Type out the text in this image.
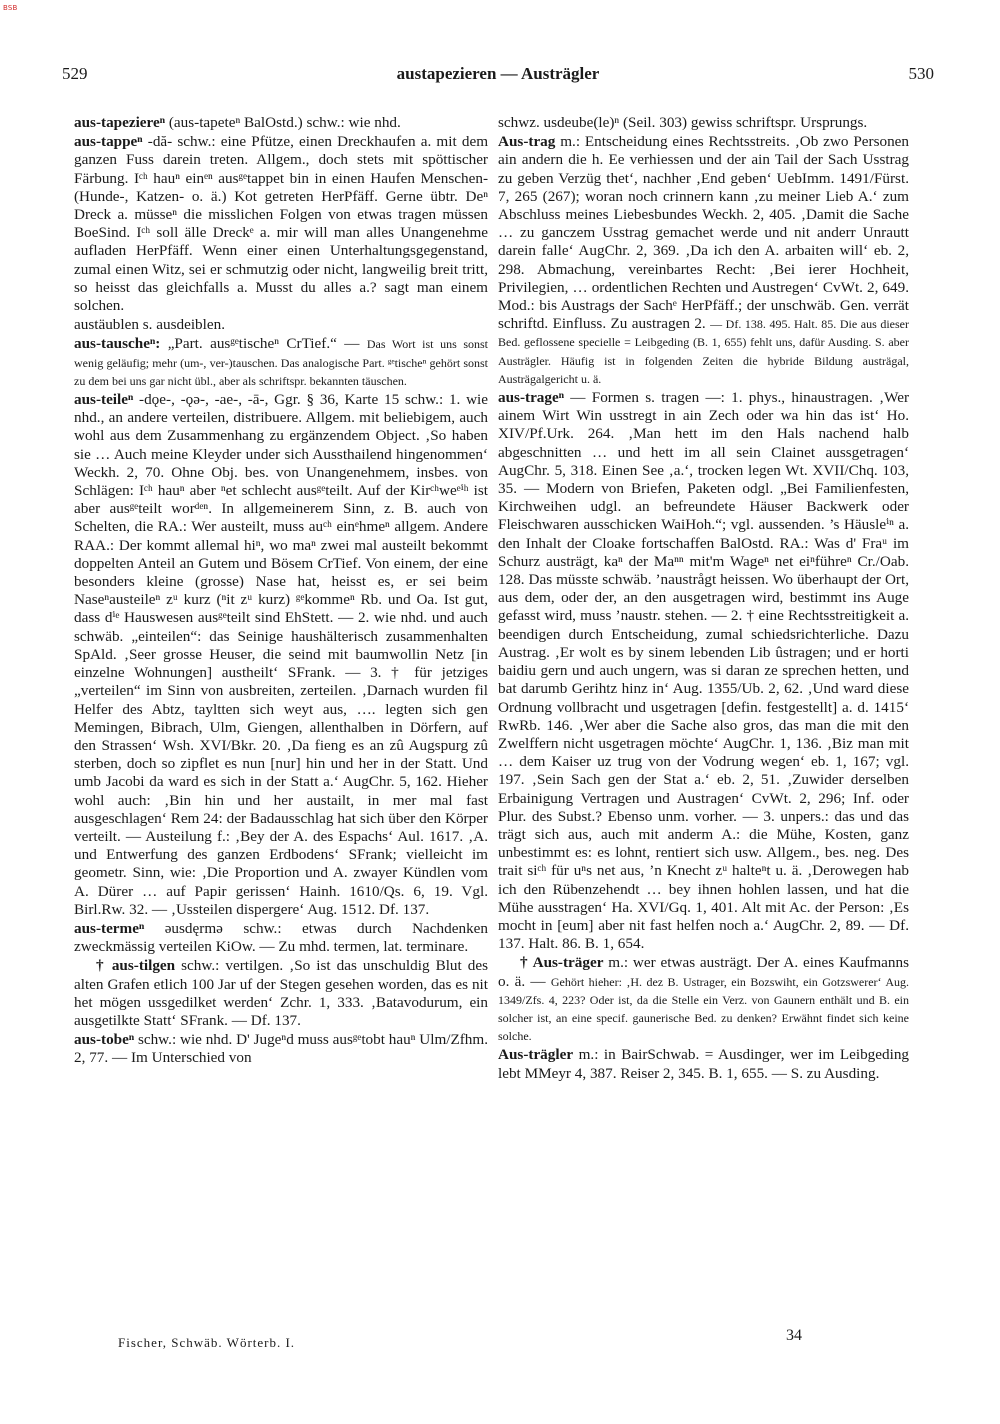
BSB
529	austapezieren — Austrägler	530

aus-tapeziereⁿ (aus-tapeteⁿ BalOstd.) schw.: wie nhd.

aus-tappeⁿ -dă- schw.: eine Pfütze, einen Dreckhaufen a. mit dem ganzen Fuss darein treten. Allgem., doch stets mit spöttischer Färbung. Iᶜʰ hauⁿ einᵉⁿ ausᵍᵉtappet bin in einen Haufen Menschen- (Hunde-, Katzen- o. ä.) Kot getreten HerPfäff. Gerne übtr. Deⁿ Dreck a. müsseⁿ die misslichen Folgen von etwas tragen müssen BoeSind. Iᶜʰ soll älle Dreckᵉ a. mir will man alles Unangenehme aufladen HerPfäff. Wenn einer einen Unterhaltungsgegenstand, zumal einen Witz, sei er schmutzig oder nicht, langweilig breit tritt, so heisst das gleichfalls a. Musst du alles a.? sagt man einem solchen.

austäublen s. ausdeiblen.

aus-tauscheⁿ: „Part. ausᵍᵉtischeⁿ CrTief.“ — Das Wort ist uns sonst wenig geläufig; mehr (um-, ver-)tauschen. Das analogische Part. ᵍᵉtischeⁿ gehört sonst zu dem bei uns gar nicht übl., aber als schriftspr. bekannten täuschen.

aus-teileⁿ -dǫe-, -ǫə-, -ae-, -ā-, Ggr. § 36, Karte 15 schw.: 1. wie nhd., an andere verteilen, distribuere. Allgem. mit beliebigem, auch wohl aus dem Zusammenhang zu ergänzendem Object. ‚So haben sie … Auch meine Kleyder under sich Aussthailend hingenommen‘ Weckh. 2, 70. Ohne Obj. bes. von Unangenehmem, insbes. von Schlägen: Iᶜʰ hauⁿ aber ⁿet schlecht ausᵍᵉteilt. Auf der Kirᶜʰweᵉⁱʰ ist aber ausᵍᵉteilt worᵈᵉⁿ. In allgemeinerem Sinn, z. B. auch von Schelten, die RA.: Wer austeilt, muss auᶜʰ einᵉhmeⁿ allgem. Andere RAA.: Der kommt allemal hiⁿ, wo maⁿ zwei mal austeilt bekommt doppelten Anteil an Gutem und Bösem CrTief. Von einem, der eine besonders kleine (grosse) Nase hat, heisst es, er sei beim Naseⁿausteileⁿ zᵘ kurz (ⁿit zᵘ kurz) ᵍᵉkommeⁿ Rb. und Oa. Ist gut, dass dⁱᵉ Hauswesen ausᵍᵉteilt sind EhStett. — 2. wie nhd. und auch schwäb. „einteilen“: das Seinige haushälterisch zusammenhalten SpAld. ‚Seer grosse Heuser, die seind mit baumwollin Netz [in einzelne Wohnungen] austheilt‘ SFrank. — 3. † für jetziges „verteilen“ im Sinn von ausbreiten, zerteilen. ‚Darnach wurden fil Helfer des Abtz, tayltten sich weyt aus, …. legten sich gen Memingen, Bibrach, Ulm, Giengen, allenthalben in Dörfern, auf den Strassen‘ Wsh. XVI/Bkr. 20. ‚Da fieng es an zû Augspurg zû sterben, doch so zipflet es nun [nur] hin und her in der Statt. Und umb Jacobi da ward es sich in der Statt a.‘ AugChr. 5, 162. Hieher wohl auch: ‚Bin hin und her austailt, in mer mal fast ausgeschlagen‘ Rem 24: der Badausschlag hat sich über den Körper verteilt. — Austeilung f.: ‚Bey der A. des Espachs‘ Aul. 1617. ‚A. und Entwerfung des ganzen Erdbodens‘ SFrank; vielleicht im geometr. Sinn, wie: ‚Die Proportion und A. zwayer Kündlen vom A. Dürer … auf Papir gerissen‘ Hainh. 1610/Qs. 6, 19. Vgl. Birl.Rw. 32. — ‚Ussteilen dispergere‘ Aug. 1512. Df. 137.

aus-termeⁿ əusdęrmə schw.: etwas durch Nachdenken zweckmässig verteilen KiOw. — Zu mhd. termen, lat. terminare.

† aus-tilgen schw.: vertilgen. ‚So ist das unschuldig Blut des alten Grafen etlich 100 Jar uf der Stegen gesehen worden, das es nit het mögen ussgedilket werden‘ Zchr. 1, 333. ‚Batavodurum, ein ausgetilkte Statt‘ SFrank. — Df. 137.

aus-tobeⁿ schw.: wie nhd. D' Jugeⁿd muss ausᵍᵉtobt hauⁿ Ulm/Zfhm. 2, 77. — Im Unterschied von

schwz. usdeube(le)ⁿ (Seil. 303) gewiss schriftspr. Ursprungs.

Aus-trag m.: Entscheidung eines Rechtsstreits. ‚Ob zwo Personen ain andern die h. Ee verhiessen und der ain Tail der Sach Usstrag zu geben Verzüg thet‘, nachher ‚End geben‘ UebImm. 1491/Fürst. 7, 265 (267); woran noch crinnern kann ‚zu meiner Lieb A.‘ zum Abschluss meines Liebesbundes Weckh. 2, 405. ‚Damit die Sache … zu ganczem Usstrag gemachet werde und nit anderr Unrautt darein falle‘ AugChr. 2, 369. ‚Da ich den A. arbaiten will‘ eb. 2, 298. Abmachung, vereinbartes Recht: ‚Bei ierer Hochheit, Privilegien, … ordentlichen Rechten und Austregen‘ CvWt. 2, 649. Mod.: bis Austrags der Sachᵉ HerPfäff.; der unschwäb. Gen. verrät schriftd. Einfluss. Zu austragen 2. — Df. 138. 495. Halt. 85. Die aus dieser Bed. geflossene specielle = Leibgeding (B. 1, 655) fehlt uns, dafür Ausding. S. aber Austrägler. Häufig ist in folgenden Zeiten die hybride Bildung austrägal, Austrägalgericht u. ä.

aus-trageⁿ — Formen s. tragen —: 1. phys., hinaustragen. ‚Wer ainem Wirt Win usstregt in ain Zech oder wa hin das ist‘ Ho. XIV/Pf.Urk. 264. ‚Man hett im den Hals nachend halb abgeschnitten … und hett im all sein Clainet aussgetragen‘ AugChr. 5, 318. Einen See ‚a.‘, trocken legen Wt. XVII/Chq. 103, 35. — Modern von Briefen, Paketen odgl. „Bei Familienfesten, Kirchweihen udgl. an befreundete Häuser Backwerk oder Fleischwaren ausschicken WaiHoh.“; vgl. aussenden. ’s Häusleⁱⁿ a. den Inhalt der Cloake fortschaffen BalOstd. RA.: Was d' Fraᵘ im Schurz austrägt, kaⁿ der Maⁿⁿ mit'm Wageⁿ net eiⁿführeⁿ Cr./Oab. 128. Das müsste schwäb. ’naustrågt heissen. Wo überhaupt der Ort, aus dem, oder der, an den ausgetragen wird, bestimmt ins Auge gefasst wird, muss ’naustr. stehen. — 2. † eine Rechtsstreitigkeit a. beendigen durch Entscheidung, zumal schiedsrichterliche. Dazu Austrag. ‚Er wolt es by sinem lebenden Lib ûstragen; und er horti baidiu gern und auch ungern, was si daran ze sprechen hetten, und bat darumb Gerihtz hinz in‘ Aug. 1355/Ub. 2, 62. ‚Und ward diese Ordnung vollbracht und usgetragen [defin. festgestellt] a. d. 1415‘ RwRb. 146. ‚Wer aber die Sache also gros, das man die mit den Zwelffern nicht usgetragen möchte‘ AugChr. 1, 136. ‚Biz man mit … dem Kaiser uz trug von der Vodrung wegen‘ eb. 1, 167; vgl. 197. ‚Sein Sach gen der Stat a.‘ eb. 2, 51. ‚Zuwider derselben Erbainigung Vertragen und Austragen‘ CvWt. 2, 296; Inf. oder Plur. des Subst.? Ebenso unm. vorher. — 3. unpers.: das und das trägt sich aus, auch mit anderm A.: die Mühe, Kosten, ganz unbestimmt es: es lohnt, rentiert sich usw. Allgem., bes. neg. Des trait siᶜʰ für uⁿs net aus, ’n Knecht zᵘ halteⁿt u. ä. ‚Derowegen hab ich den Rübenzehendt … bey ihnen hohlen lassen, und hat die Mühe ausstragen‘ Ha. XVI/Gq. 1, 401. Alt mit Ac. der Person: ‚Es mocht in [eum] aber nit fast helfen noch a.‘ AugChr. 2, 89. — Df. 137. Halt. 86. B. 1, 654.

† Aus-träger m.: wer etwas austrägt. Der A. eines Kaufmanns o. ä. — Gehört hieher: ‚H. dez B. Ustrager, ein Bozswiht, ein Gotzswerer‘ Aug. 1349/Zfs. 4, 223? Oder ist, da die Stelle ein Verz. von Gaunern enthält und B. ein solcher ist, an eine specif. gaunerische Bed. zu denken? Erwähnt findet sich keine solche.

Aus-trägler m.: in BairSchwab. = Ausdinger, wer im Leibgeding lebt MMeyr 4, 387. Reiser 2, 345. B. 1, 655. — S. zu Ausding.

Fischer, Schwäb. Wörterb. I.	34
